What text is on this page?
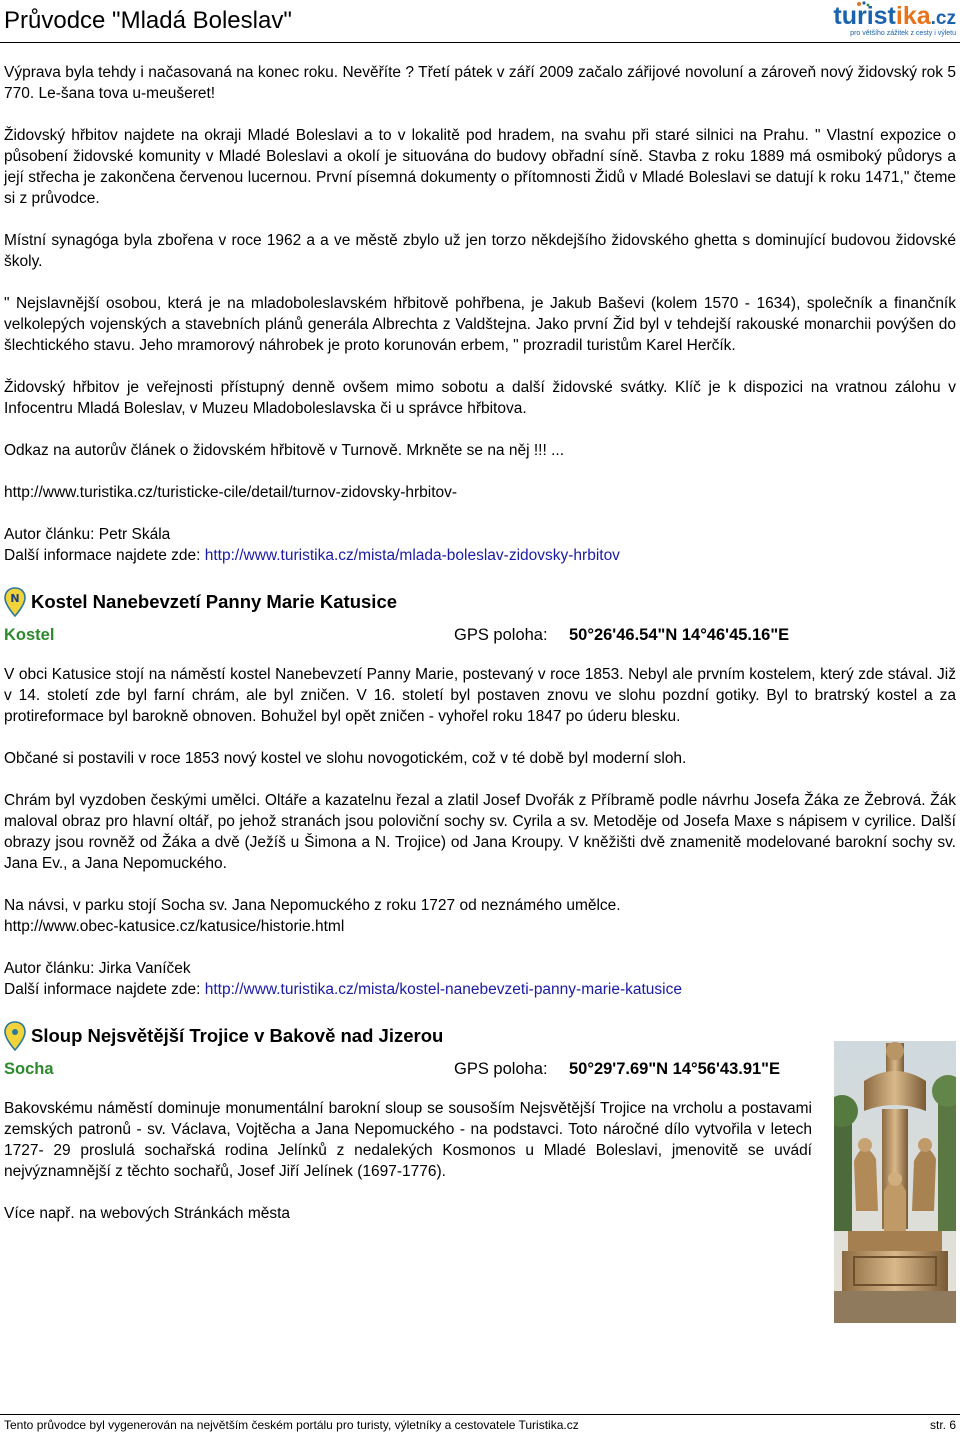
Průvodce "Mladá Boleslav"	turistika.cz
pro většího zážitek z cesty i výletu

Výprava byla tehdy i načasovaná na konec roku. Nevěříte ? Třetí pátek v září 2009 začalo zářijové novoluní a zároveň nový židovský rok 5 770. Le-šana tova u-meušeret!

Židovský hřbitov najdete na okraji Mladé Boleslavi a to v lokalitě pod hradem, na svahu při staré silnici na Prahu. " Vlastní expozice o působení židovské komunity v Mladé Boleslavi a okolí je situována do budovy obřadní síně. Stavba z roku 1889 má osmiboký půdorys a její střecha je zakončena červenou lucernou. První písemná dokumenty o přítomnosti Židů v Mladé Boleslavi se datují k roku 1471," čteme si z průvodce.

Místní synagóga byla zbořena v roce 1962 a a ve městě zbylo už jen torzo někdejšího židovského ghetta s dominující budovou židovské školy.

" Nejslavnější osobou, která je na mladoboleslavském hřbitově pohřbena, je Jakub Baševi (kolem 1570 - 1634), společník a finančník velkolepých vojenských a stavebních plánů generála Albrechta z Valdštejna. Jako první Žid byl v tehdejší rakouské monarchii povýšen do šlechtického stavu. Jeho mramorový náhrobek je proto korunován erbem, " prozradil turistům Karel Herčík.

Židovský hřbitov je veřejnosti přístupný denně ovšem mimo sobotu a další židovské svátky. Klíč je k dispozici na vratnou zálohu v Infocentru Mladá Boleslav, v Muzeu Mladoboleslavska či u správce hřbitova.

Odkaz na autorův článek o židovském hřbitově v Turnově. Mrkněte se na něj !!! ...

http://www.turistika.cz/turisticke-cile/detail/turnov-zidovsky-hrbitov-

Autor článku: Petr Skála

Další informace najdete zde: http://www.turistika.cz/mista/mlada-boleslav-zidovsky-hrbitov

N Kostel Nanebevzetí Panny Marie Katusice
Kostel	GPS poloha: 50°26'46.54"N 14°46'45.16"E

V obci Katusice stojí na náměstí kostel Nanebevzetí Panny Marie, postevaný v roce 1853. Nebyl ale prvním kostelem, který zde stával. Již v 14. století zde byl farní chrám, ale byl zničen. V 16. století byl postaven znovu ve slohu pozdní gotiky. Byl to bratrský kostel a za protireformace byl barokně obnoven. Bohužel byl opět zničen - vyhořel roku 1847 po úderu blesku.

Občané si postavili v roce 1853 nový kostel ve slohu novogotickém, což v té době byl moderní sloh.

Chrám byl vyzdoben českými umělci. Oltáře a kazatelnu řezal a zlatil Josef Dvořák z Příbramě podle návrhu Josefa Žáka ze Žebrová. Žák maloval obraz pro hlavní oltář, po jehož stranách jsou poloviční sochy sv. Cyrila a sv. Metoděje od Josefa Maxe s nápisem v cyrilice. Další obrazy jsou rovněž od Žáka a dvě (Ježíš u Šimona a N. Trojice) od Jana Kroupy. V kněžišti dvě znamenitě modelované barokní sochy sv. Jana Ev., a Jana Nepomuckého.

Na návsi, v parku stojí Socha sv. Jana Nepomuckého z roku 1727 od neznámého umělce.

http://www.obec-katusice.cz/katusice/historie.html

Autor článku: Jirka Vaníček

Další informace najdete zde: http://www.turistika.cz/mista/kostel-nanebevzeti-panny-marie-katusice

Sloup Nejsvětější Trojice v Bakově nad Jizerou
Socha	GPS poloha: 50°29'7.69"N 14°56'43.91"E

Bakovskému náměstí dominuje monumentální barokní sloup se sousoším Nejsvětější Trojice na vrcholu a postavami zemských patronů - sv. Václava, Vojtěcha a Jana Nepomuckého - na podstavci. Toto náročné dílo vytvořila v letech 1727- 29 proslulá sochařská rodina Jelínků z nedalekých Kosmonos u Mladé Boleslavi, jmenovitě se uvádí nejvýznamnější z těchto sochařů, Josef Jiří Jelínek (1697-1776).

Více např. na webových Stránkách města

Tento průvodce byl vygenerován na největším českém portálu pro turisty, výletníky a cestovatele Turistika.cz	str. 6
